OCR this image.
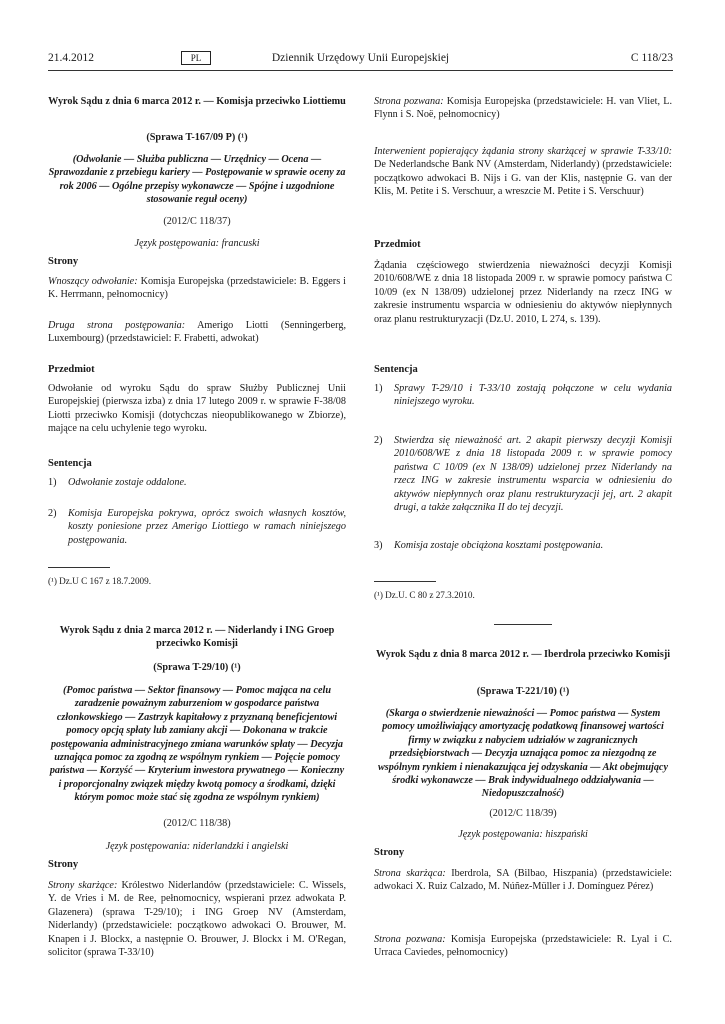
21.4.2012	PL	Dziennik Urzędowy Unii Europejskiej	C 118/23
Wyrok Sądu z dnia 6 marca 2012 r. — Komisja przeciwko Liottiemu
(Sprawa T-167/09 P) (¹)
(Odwołanie — Służba publiczna — Urzędnicy — Ocena — Sprawozdanie z przebiegu kariery — Postępowanie w sprawie oceny za rok 2006 — Ogólne przepisy wykonawcze — Spójne i uzgodnione stosowanie reguł oceny)
(2012/C 118/37)
Język postępowania: francuski
Strony
Wnoszący odwołanie: Komisja Europejska (przedstawiciele: B. Eggers i K. Herrmann, pełnomocnicy)
Druga strona postępowania: Amerigo Liotti (Senningerberg, Luxembourg) (przedstawiciel: F. Frabetti, adwokat)
Przedmiot
Odwołanie od wyroku Sądu do spraw Służby Publicznej Unii Europejskiej (pierwsza izba) z dnia 17 lutego 2009 r. w sprawie F-38/08 Liotti przeciwko Komisji (dotychczas nieopublikowanego w Zbiorze), mające na celu uchylenie tego wyroku.
Sentencja
1) Odwołanie zostaje oddalone.
2) Komisja Europejska pokrywa, oprócz swoich własnych kosztów, koszty poniesione przez Amerigo Liottiego w ramach niniejszego postępowania.
(¹) Dz.U C 167 z 18.7.2009.
Wyrok Sądu z dnia 2 marca 2012 r. — Niderlandy i ING Groep przeciwko Komisji
(Sprawa T-29/10) (¹)
(Pomoc państwa — Sektor finansowy — Pomoc mająca na celu zaradzenie poważnym zaburzeniom w gospodarce państwa członkowskiego — Zastrzyk kapitałowy z przyznaną beneficjentowi pomocy opcją spłaty lub zamiany akcji — Dokonana w trakcie postępowania administracyjnego zmiana warunków spłaty — Decyzja uznająca pomoc za zgodną ze wspólnym rynkiem — Pojęcie pomocy państwa — Korzyść — Kryterium inwestora prywatnego — Konieczny i proporcjonalny związek między kwotą pomocy a środkami, dzięki którym pomoc może stać się zgodna ze wspólnym rynkiem)
(2012/C 118/38)
Język postępowania: niderlandzki i angielski
Strony
Strony skarżące: Królestwo Niderlandów (przedstawiciele: C. Wissels, Y. de Vries i M. de Ree, pełnomocnicy, wspierani przez adwokata P. Glazenera) (sprawa T-29/10); i ING Groep NV (Amsterdam, Niderlandy) (przedstawiciele: początkowo adwokaci O. Brouwer, M. Knapen i J. Blockx, a następnie O. Brouwer, J. Blockx i M. O'Regan, solicitor (sprawa T-33/10)
Strona pozwana: Komisja Europejska (przedstawiciele: H. van Vliet, L. Flynn i S. Noë, pełnomocnicy)
Interwenient popierający żądania strony skarżącej w sprawie T-33/10: De Nederlandsche Bank NV (Amsterdam, Niderlandy) (przedstawiciele: początkowo adwokaci B. Nijs i G. van der Klis, następnie G. van der Klis, M. Petite i S. Verschuur, a wreszcie M. Petite i S. Verschuur)
Przedmiot
Żądania częściowego stwierdzenia nieważności decyzji Komisji 2010/608/WE z dnia 18 listopada 2009 r. w sprawie pomocy państwa C 10/09 (ex N 138/09) udzielonej przez Niderlandy na rzecz ING w zakresie instrumentu wsparcia w odniesieniu do aktywów niepłynnych oraz planu restrukturyzacji (Dz.U. 2010, L 274, s. 139).
Sentencja
1) Sprawy T-29/10 i T-33/10 zostają połączone w celu wydania niniejszego wyroku.
2) Stwierdza się nieważność art. 2 akapit pierwszy decyzji Komisji 2010/608/WE z dnia 18 listopada 2009 r. w sprawie pomocy państwa C 10/09 (ex N 138/09) udzielonej przez Niderlandy na rzecz ING w zakresie instrumentu wsparcia w odniesieniu do aktywów niepłynnych oraz planu restrukturyzacji jej, art. 2 akapit drugi, a także załącznika II do tej decyzji.
3) Komisja zostaje obciążona kosztami postępowania.
(¹) Dz.U. C 80 z 27.3.2010.
Wyrok Sądu z dnia 8 marca 2012 r. — Iberdrola przeciwko Komisji
(Sprawa T-221/10) (¹)
(Skarga o stwierdzenie nieważności — Pomoc państwa — System pomocy umożliwiający amortyzację podatkową finansowej wartości firmy w związku z nabyciem udziałów w zagranicznych przedsiębiorstwach — Decyzja uznająca pomoc za niezgodną ze wspólnym rynkiem i nienakazująca jej odzyskania — Akt obejmujący środki wykonawcze — Brak indywidualnego oddziaływania — Niedopuszczalność)
(2012/C 118/39)
Język postępowania: hiszpański
Strony
Strona skarżąca: Iberdrola, SA (Bilbao, Hiszpania) (przedstawiciele: adwokaci X. Ruiz Calzado, M. Núñez-Müller i J. Domínguez Pérez)
Strona pozwana: Komisja Europejska (przedstawiciele: R. Lyal i C. Urraca Caviedes, pełnomocnicy)
